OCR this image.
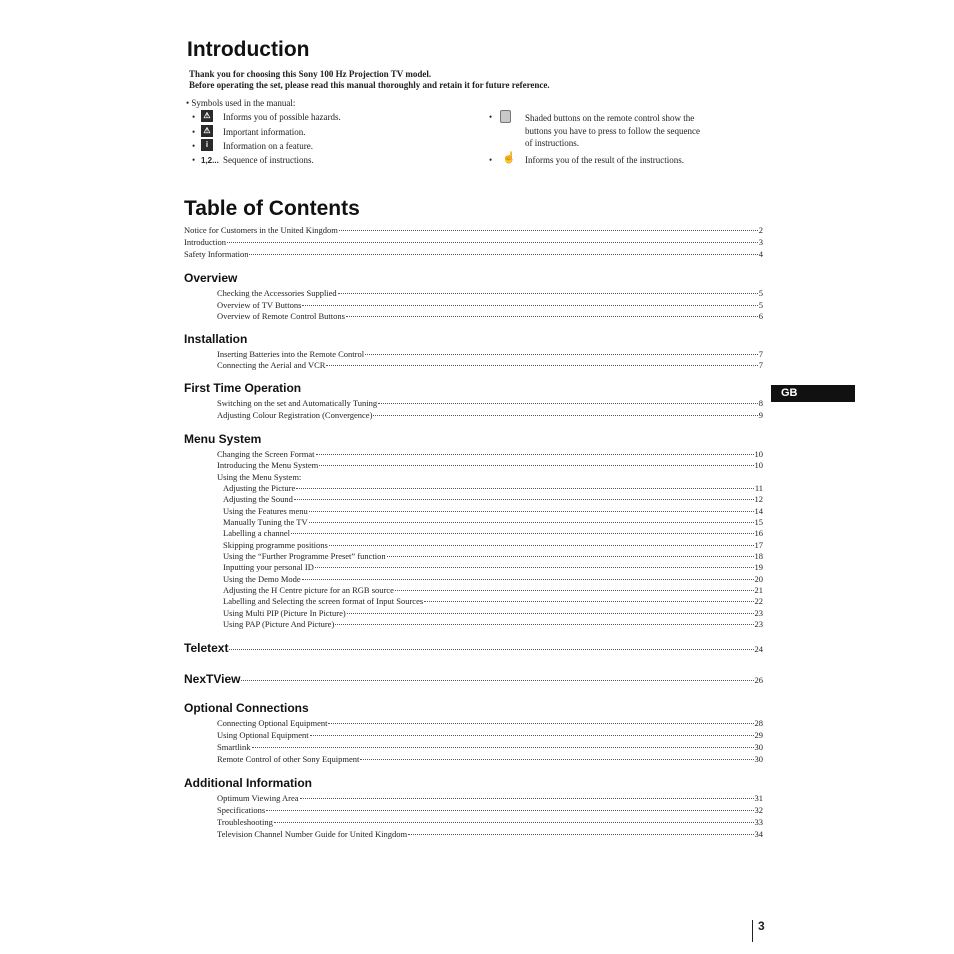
Introduction
Thank you for choosing this Sony 100 Hz Projection TV model.
Before operating the set, please read this manual thoroughly and retain it for future reference.
• Symbols used in the manual:
•	⚠ Informs you of possible hazards.
•	⚠ Important information.
•	i	Information on a feature.
• 1,2... Sequence of instructions.
•	Shaded buttons on the remote control show the
buttons you have to press to follow the sequence
of instructions.
• ☝ Informs you of the result of the instructions.
Table of Contents
Notice for Customers in the United Kingdom	2
Introduction	3
Safety Information	4
Overview
Checking the Accessories Supplied	5
Overview of TV Buttons	5
Overview of Remote Control Buttons	6
Installation
Inserting Batteries into the Remote Control	7
Connecting the Aerial and VCR	7
First Time Operation
Switching on the set and Automatically Tuning	8
Adjusting Colour Registration (Convergence)	9
Menu System
Changing the Screen Format	10
Introducing the Menu System	10
Using the Menu System:
Adjusting the Picture	11
Adjusting the Sound	12
Using the Features menu	14
Manually Tuning the TV	15
Labelling a channel	16
Skipping programme positions	17
Using the “Further Programme Preset” function	18
Inputting your personal ID	19
Using the Demo Mode	20
Adjusting the H Centre picture for an RGB source	21
Labelling and Selecting the screen format of Input Sources	22
Using Multi PIP (Picture In Picture)	23
Using PAP (Picture And Picture)	23
Teletext	24
NexTView	26
Optional Connections
Connecting Optional Equipment	28
Using Optional Equipment	29
Smartlink	30
Remote Control of other Sony Equipment	30
Additional Information
Optimum Viewing Area	31
Specifications	32
Troubleshooting	33
Television Channel Number Guide for United Kingdom	34
GB
3
